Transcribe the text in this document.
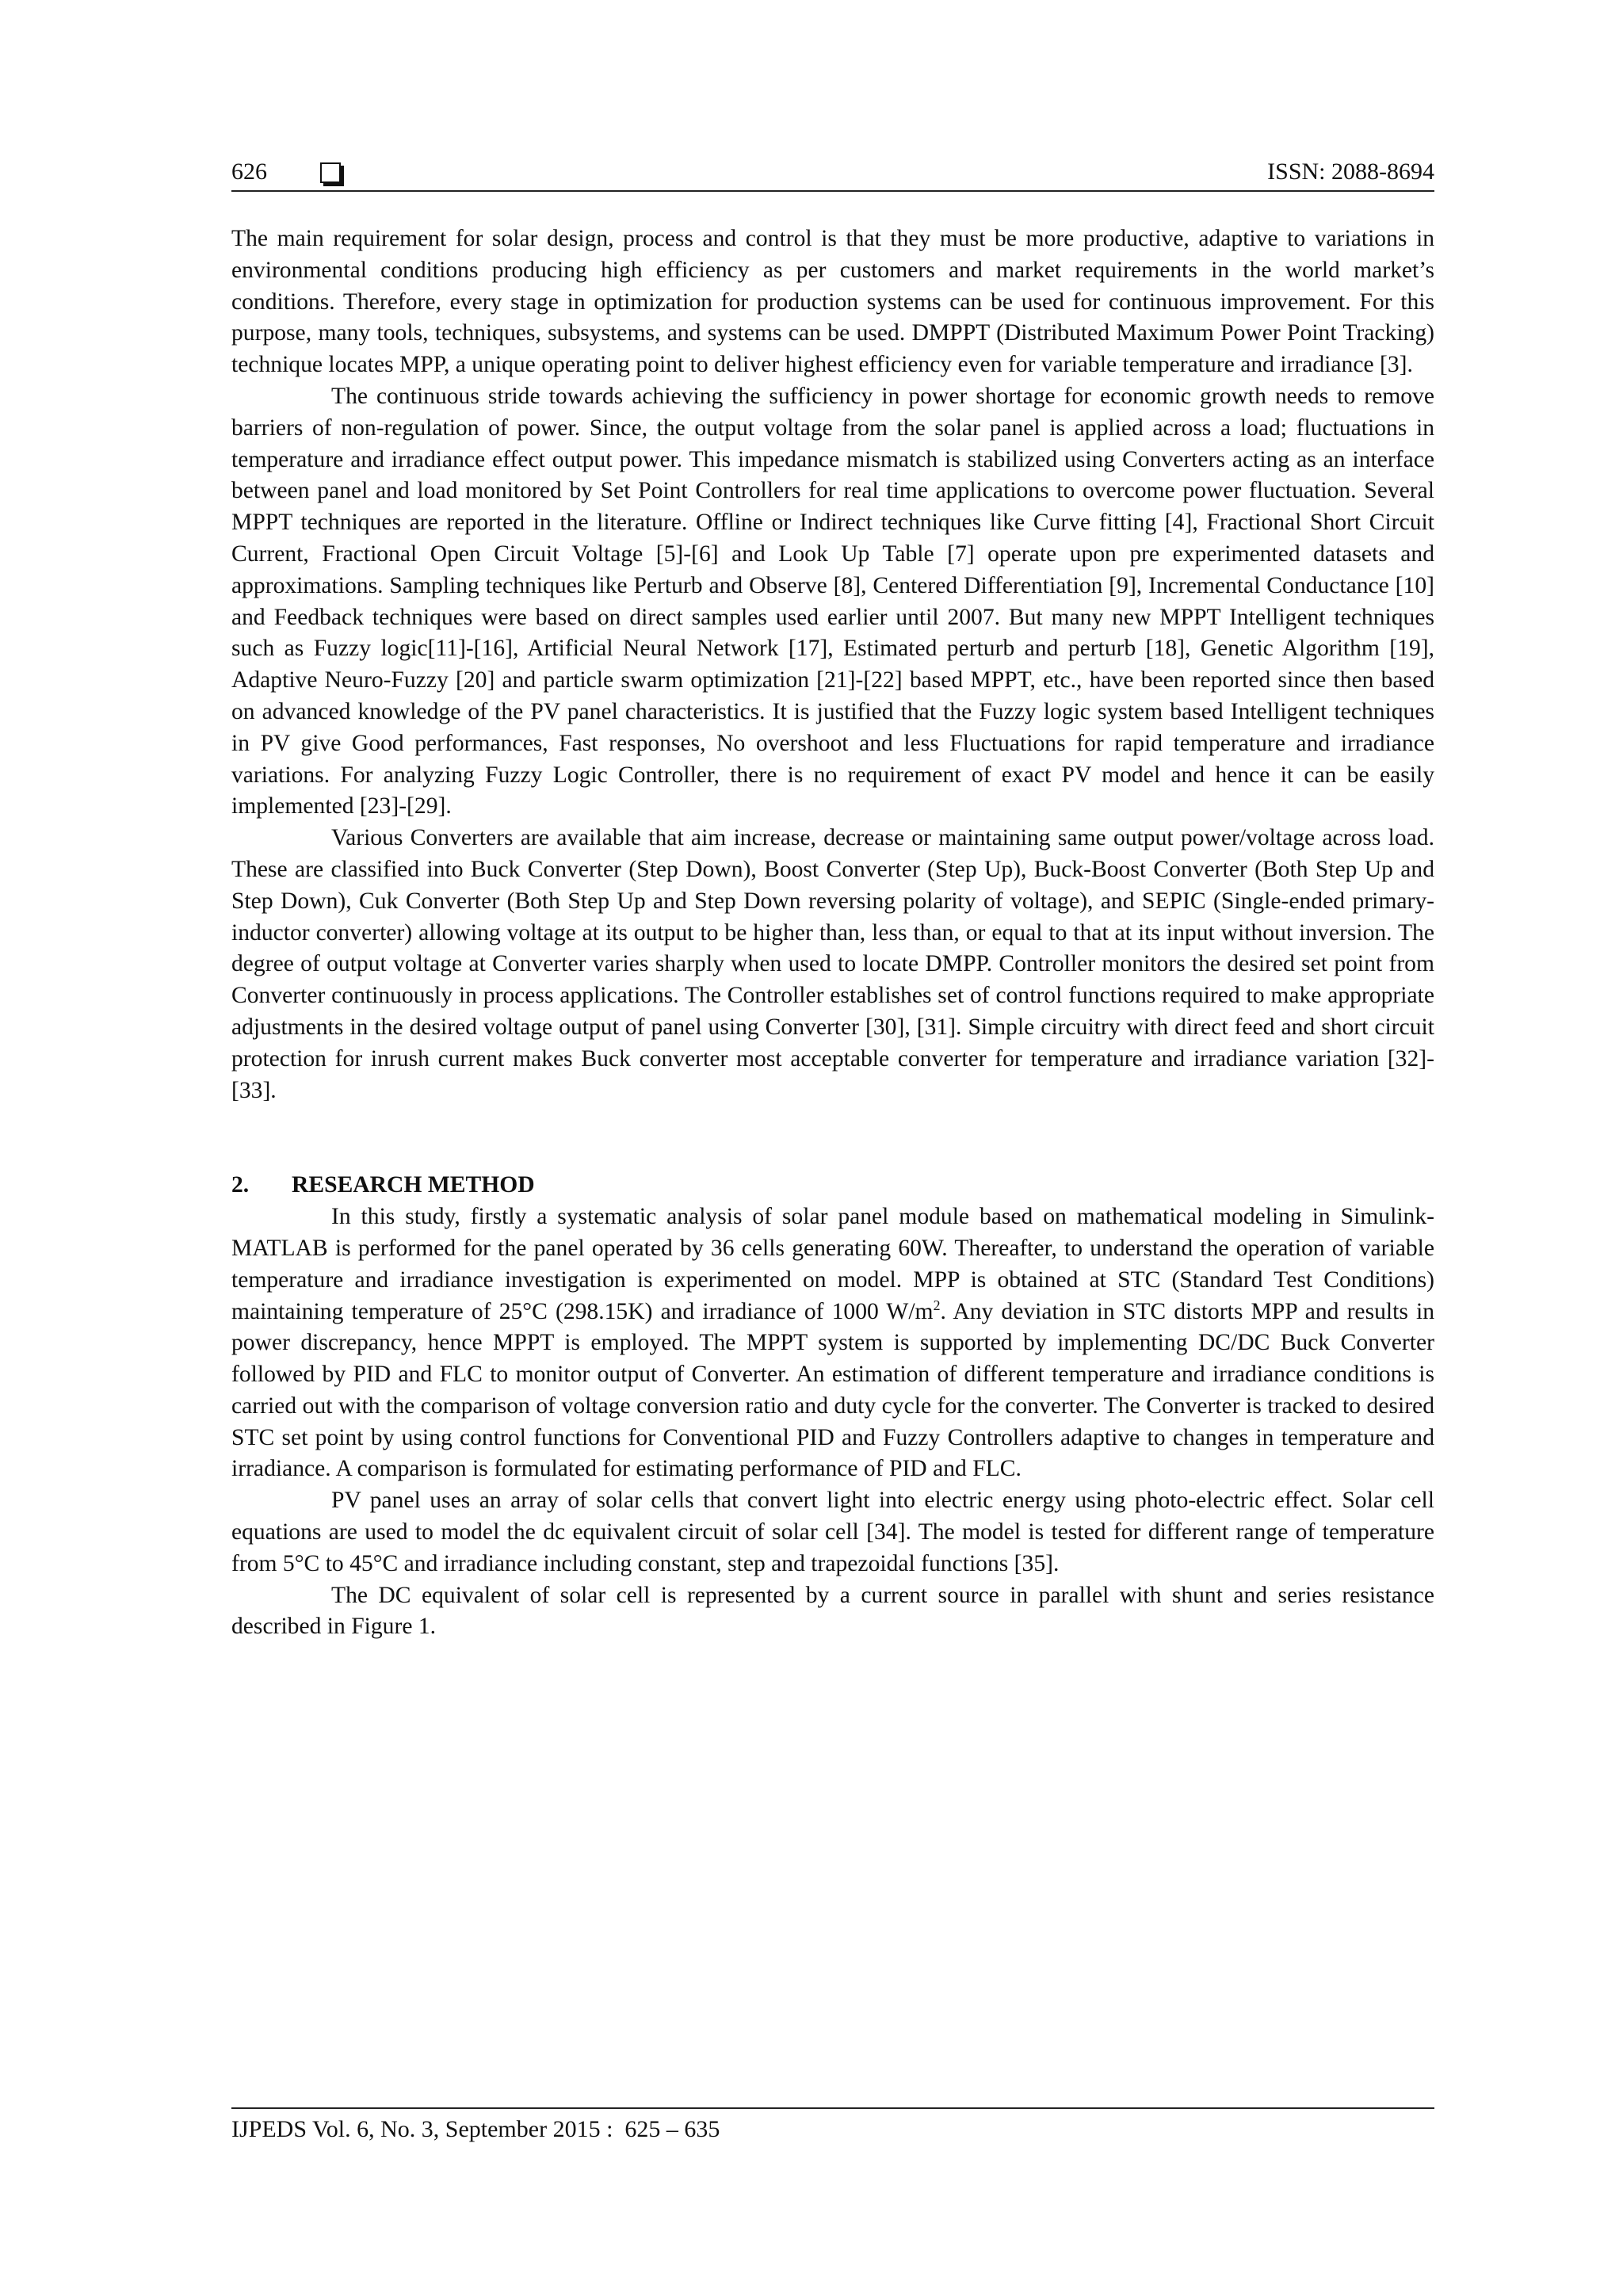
626	ISSN: 2088-8694

The main requirement for solar design, process and control is that they must be more productive, adaptive to variations in environmental conditions producing high efficiency as per customers and market requirements in the world market’s conditions. Therefore, every stage in optimization for production systems can be used for continuous improvement. For this purpose, many tools, techniques, subsystems, and systems can be used. DMPPT (Distributed Maximum Power Point Tracking) technique locates MPP, a unique operating point to deliver highest efficiency even for variable temperature and irradiance [3].

The continuous stride towards achieving the sufficiency in power shortage for economic growth needs to remove barriers of non-regulation of power. Since, the output voltage from the solar panel is applied across a load; fluctuations in temperature and irradiance effect output power. This impedance mismatch is stabilized using Converters acting as an interface between panel and load monitored by Set Point Controllers for real time applications to overcome power fluctuation. Several MPPT techniques are reported in the literature. Offline or Indirect techniques like Curve fitting [4], Fractional Short Circuit Current, Fractional Open Circuit Voltage [5]-[6] and Look Up Table [7] operate upon pre experimented datasets and approximations. Sampling techniques like Perturb and Observe [8], Centered Differentiation [9], Incremental Conductance [10] and Feedback techniques were based on direct samples used earlier until 2007. But many new MPPT Intelligent techniques such as Fuzzy logic[11]-[16], Artificial Neural Network [17], Estimated perturb and perturb [18], Genetic Algorithm [19], Adaptive Neuro-Fuzzy [20] and particle swarm optimization [21]-[22] based MPPT, etc., have been reported since then based on advanced knowledge of the PV panel characteristics. It is justified that the Fuzzy logic system based Intelligent techniques in PV give Good performances, Fast responses, No overshoot and less Fluctuations for rapid temperature and irradiance variations. For analyzing Fuzzy Logic Controller, there is no requirement of exact PV model and hence it can be easily implemented [23]-[29].

Various Converters are available that aim increase, decrease or maintaining same output power/voltage across load. These are classified into Buck Converter (Step Down), Boost Converter (Step Up), Buck-Boost Converter (Both Step Up and Step Down), Cuk Converter (Both Step Up and Step Down reversing polarity of voltage), and SEPIC (Single-ended primary-inductor converter) allowing voltage at its output to be higher than, less than, or equal to that at its input without inversion. The degree of output voltage at Converter varies sharply when used to locate DMPP. Controller monitors the desired set point from Converter continuously in process applications. The Controller establishes set of control functions required to make appropriate adjustments in the desired voltage output of panel using Converter [30], [31]. Simple circuitry with direct feed and short circuit protection for inrush current makes Buck converter most acceptable converter for temperature and irradiance variation [32]-[33].

2. RESEARCH METHOD

In this study, firstly a systematic analysis of solar panel module based on mathematical modeling in Simulink-MATLAB is performed for the panel operated by 36 cells generating 60W. Thereafter, to understand the operation of variable temperature and irradiance investigation is experimented on model. MPP is obtained at STC (Standard Test Conditions) maintaining temperature of 25°C (298.15K) and irradiance of 1000 $W/m^2$. Any deviation in STC distorts MPP and results in power discrepancy, hence MPPT is employed. The MPPT system is supported by implementing DC/DC Buck Converter followed by PID and FLC to monitor output of Converter. An estimation of different temperature and irradiance conditions is carried out with the comparison of voltage conversion ratio and duty cycle for the converter. The Converter is tracked to desired STC set point by using control functions for Conventional PID and Fuzzy Controllers adaptive to changes in temperature and irradiance. A comparison is formulated for estimating performance of PID and FLC.

PV panel uses an array of solar cells that convert light into electric energy using photo-electric effect. Solar cell equations are used to model the dc equivalent circuit of solar cell [34]. The model is tested for different range of temperature from 5°C to 45°C and irradiance including constant, step and trapezoidal functions [35].

The DC equivalent of solar cell is represented by a current source in parallel with shunt and series resistance described in Figure 1.

IJPEDS Vol. 6, No. 3, September 2015 :  625 – 635
